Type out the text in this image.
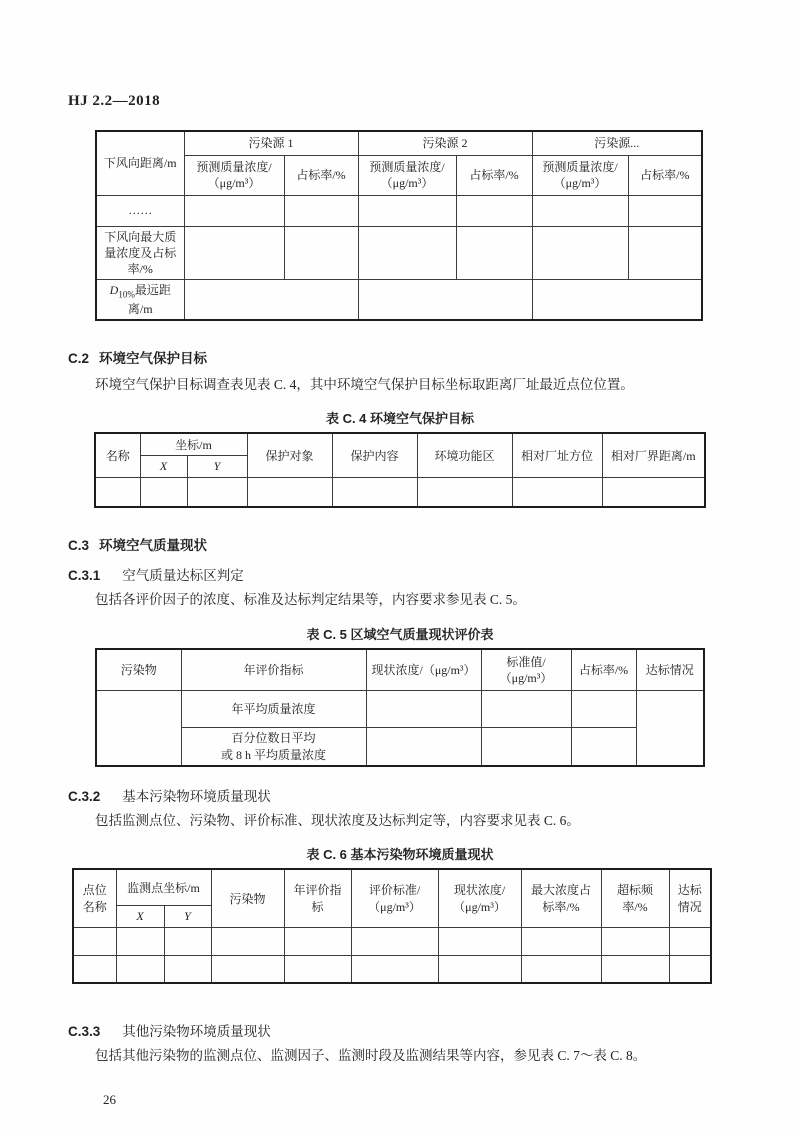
HJ 2.2—2018
下风向距离/m	污染源 1		污染源 2		污染源...	
	预测质量浓度/（μg/m³）	占标率/%	预测质量浓度/（μg/m³）	占标率/%	预测质量浓度/（μg/m³）	占标率/%
……						
下风向最大质量浓度及占标率/%						
$D_{10\%}$最远距离/m						
C.2 环境空气保护目标
环境空气保护目标调查表见表 C. 4，其中环境空气保护目标坐标取距离厂址最近点位位置。
表 C. 4 环境空气保护目标
名称	坐标/m		保护对象	保护内容	环境功能区	相对厂址方位	相对厂界距离/m
	X	Y					

C.3 环境空气质量现状
C.3.1 空气质量达标区判定
包括各评价因子的浓度、标准及达标判定结果等，内容要求参见表 C. 5。
表 C. 5 区域空气质量现状评价表
污染物	年评价指标	现状浓度/（μg/m³）	标准值/（μg/m³）	占标率/%	达标情况
	年平均质量浓度				

	百分位数日平均
或 8 h 平均质量浓度				

C.3.2 基本污染物环境质量现状
包括监测点位、污染物、评价标准、现状浓度及达标判定等，内容要求见表 C. 6。
表 C. 6 基本污染物环境质量现状
点位名称	监测点坐标/m		污染物	年评价指标	评价标准/（μg/m³）	现状浓度/（μg/m³）	最大浓度占标率/%	超标频率/%	达标情况
	X	Y							

C.3.3 其他污染物环境质量现状
包括其他污染物的监测点位、监测因子、监测时段及监测结果等内容，参见表 C. 7～表 C. 8。
26
